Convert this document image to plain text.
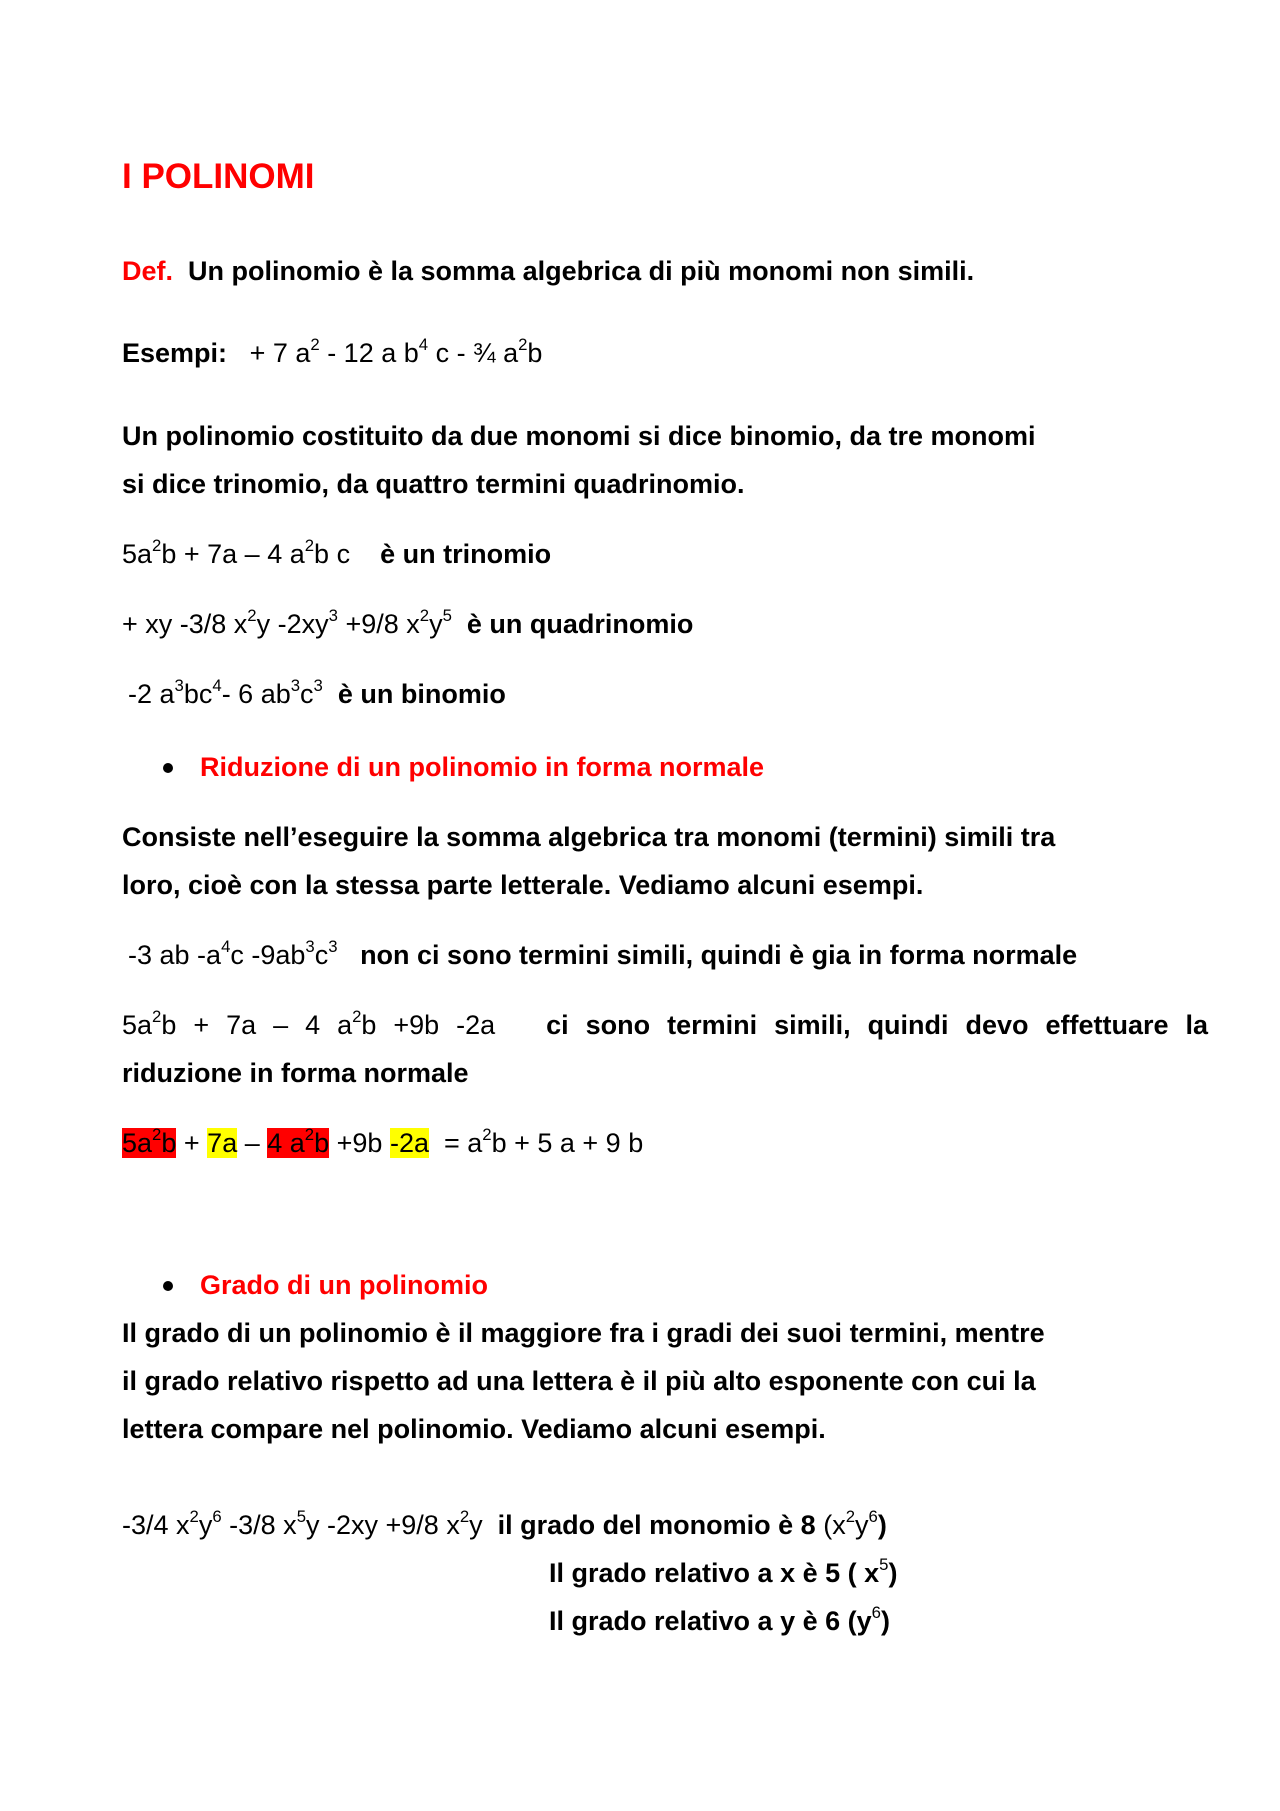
I POLINOMI
Def. Un polinomio è la somma algebrica di più monomi non simili.
Esempi: + 7 $a^2 - 12$ a $b^4$ c - ¾ $a^2b$
Un polinomio costituito da due monomi si dice binomio, da tre monomi
si dice trinomio, da quattro termini quadrinomio.
$5a^2b + 7a - 4$ $a^2b$ c è un trinomio
+ xy -3/8 $x^2y$ $-2xy^3 +9/8$ $x^2y^5$ è un quadrinomio
-2 $a^3bc^4-$ 6 $ab^3c^3$ è un binomio
Riduzione di un polinomio in forma normale
Consiste nell’eseguire la somma algebrica tra monomi (termini) simili tra
loro, cioè con la stessa parte letterale. Vediamo alcuni esempi.
-3 ab $-a^4c$ $-9ab^3c^3$ non ci sono termini simili, quindi è gia in forma normale
$5a^2b + 7a - 4$ $a^2b +9b$ -2a ci sono termini simili, quindi devo effettuare la
riduzione in forma normale
$5a^2b + 7a - 4$ $a^2b +9b$ $-2a = a^2b + 5$ a + 9 b
Grado di un polinomio
Il grado di un polinomio è il maggiore fra i gradi dei suoi termini, mentre
il grado relativo rispetto ad una lettera è il più alto esponente con cui la
lettera compare nel polinomio. Vediamo alcuni esempi.
-3/4 $x^2y^6$ -3/8 $x^5y$ -2xy +9/8 $x^2y$ il grado del monomio è 8 $(x^2y^6)$
Il grado relativo a x è 5 ( $x^5$)
Il grado relativo a y è 6 $(y^6)$
